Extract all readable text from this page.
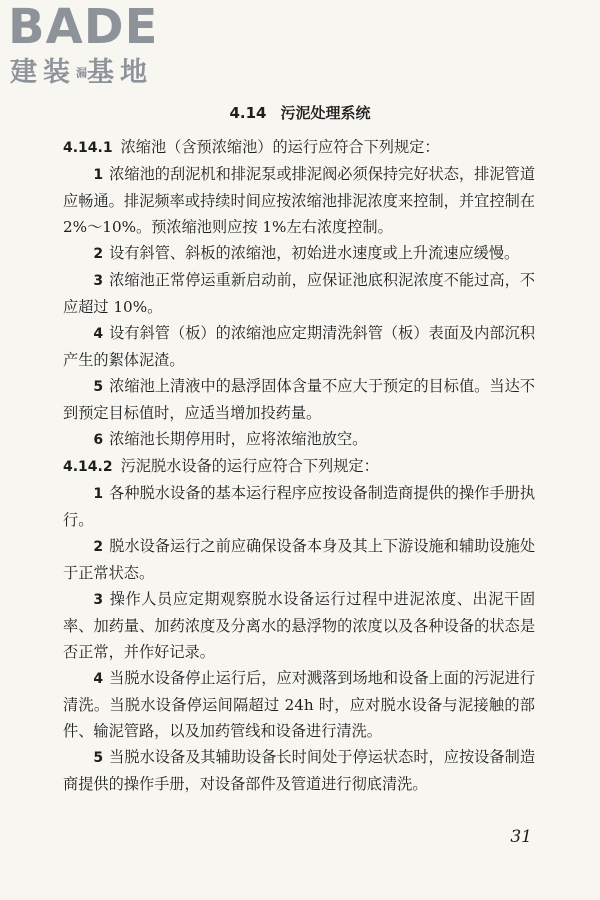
BADE
建装漏基地
4.14 污泥处理系统

4.14.1 浓缩池（含预浓缩池）的运行应符合下列规定：

1 浓缩池的刮泥机和排泥泵或排泥阀必须保持完好状态，排泥管道应畅通。排泥频率或持续时间应按浓缩池排泥浓度来控制，并宜控制在 2%～10%。预浓缩池则应按 1%左右浓度控制。

2 设有斜管、斜板的浓缩池，初始进水速度或上升流速应缓慢。

3 浓缩池正常停运重新启动前，应保证池底积泥浓度不能过高，不应超过 10%。

4 设有斜管（板）的浓缩池应定期清洗斜管（板）表面及内部沉积产生的絮体泥渣。

5 浓缩池上清液中的悬浮固体含量不应大于预定的目标值。当达不到预定目标值时，应适当增加投药量。

6 浓缩池长期停用时，应将浓缩池放空。

4.14.2 污泥脱水设备的运行应符合下列规定：

1 各种脱水设备的基本运行程序应按设备制造商提供的操作手册执行。

2 脱水设备运行之前应确保设备本身及其上下游设施和辅助设施处于正常状态。

3 操作人员应定期观察脱水设备运行过程中进泥浓度、出泥干固率、加药量、加药浓度及分离水的悬浮物的浓度以及各种设备的状态是否正常，并作好记录。

4 当脱水设备停止运行后，应对溅落到场地和设备上面的污泥进行清洗。当脱水设备停运间隔超过 24h 时，应对脱水设备与泥接触的部件、输泥管路，以及加药管线和设备进行清洗。

5 当脱水设备及其辅助设备长时间处于停运状态时，应按设备制造商提供的操作手册，对设备部件及管道进行彻底清洗。

31
